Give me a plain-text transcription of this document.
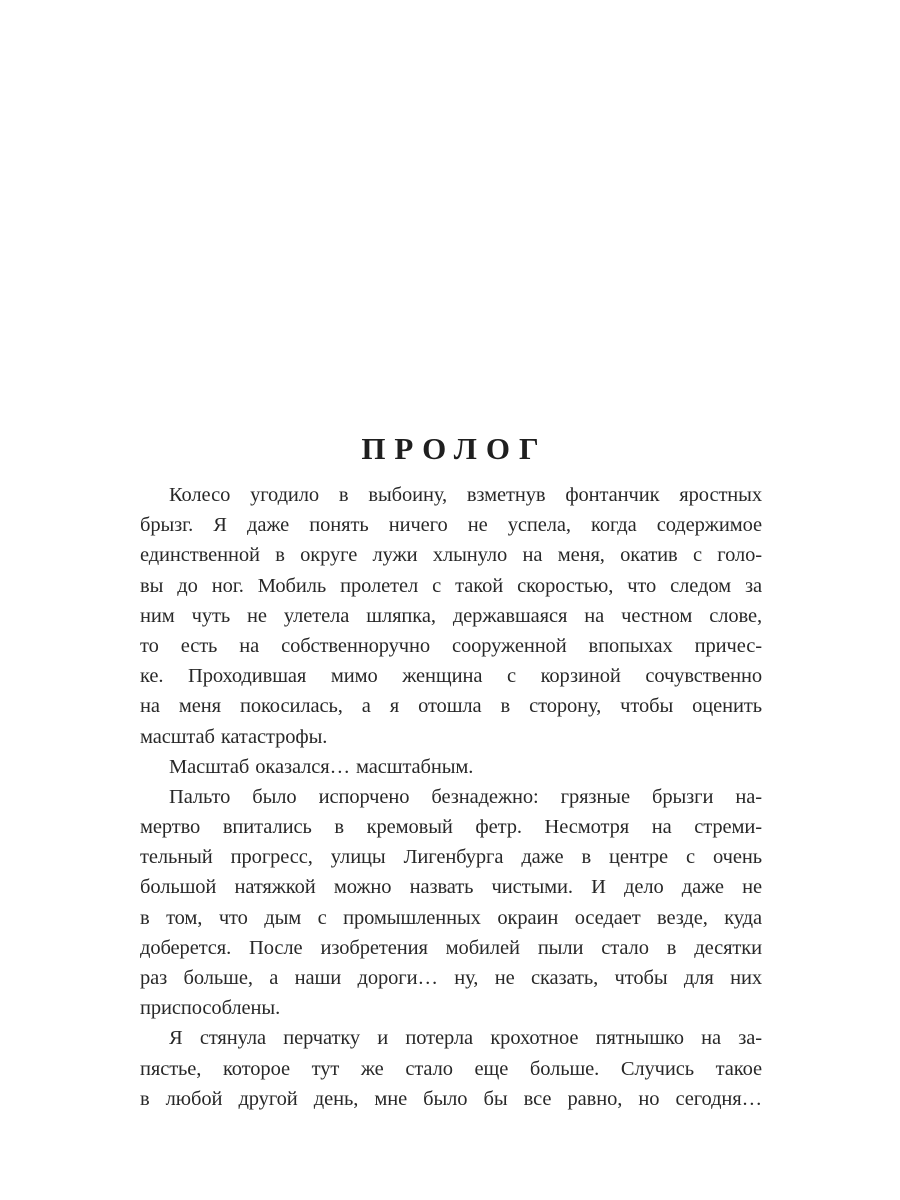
ПРОЛОГ
Колесо угодило в выбоину, взметнув фонтанчик яростных
брызг. Я даже понять ничего не успела, когда содержимое
единственной в округе лужи хлынуло на меня, окатив с голо-
вы до ног. Мобиль пролетел с такой скоростью, что следом за
ним чуть не улетела шляпка, державшаяся на честном слове,
то есть на собственноручно сооруженной впопыхах причес-
ке. Проходившая мимо женщина с корзиной сочувственно
на меня покосилась, а я отошла в сторону, чтобы оценить
масштаб катастрофы.
Масштаб оказался… масштабным.
Пальто было испорчено безнадежно: грязные брызги на-
мертво впитались в кремовый фетр. Несмотря на стреми-
тельный прогресс, улицы Лигенбурга даже в центре с очень
большой натяжкой можно назвать чистыми. И дело даже не
в том, что дым с промышленных окраин оседает везде, куда
доберется. После изобретения мобилей пыли стало в десятки
раз больше, а наши дороги… ну, не сказать, чтобы для них
приспособлены.
Я стянула перчатку и потерла крохотное пятнышко на за-
пястье, которое тут же стало еще больше. Случись такое
в любой другой день, мне было бы все равно, но сегодня…
